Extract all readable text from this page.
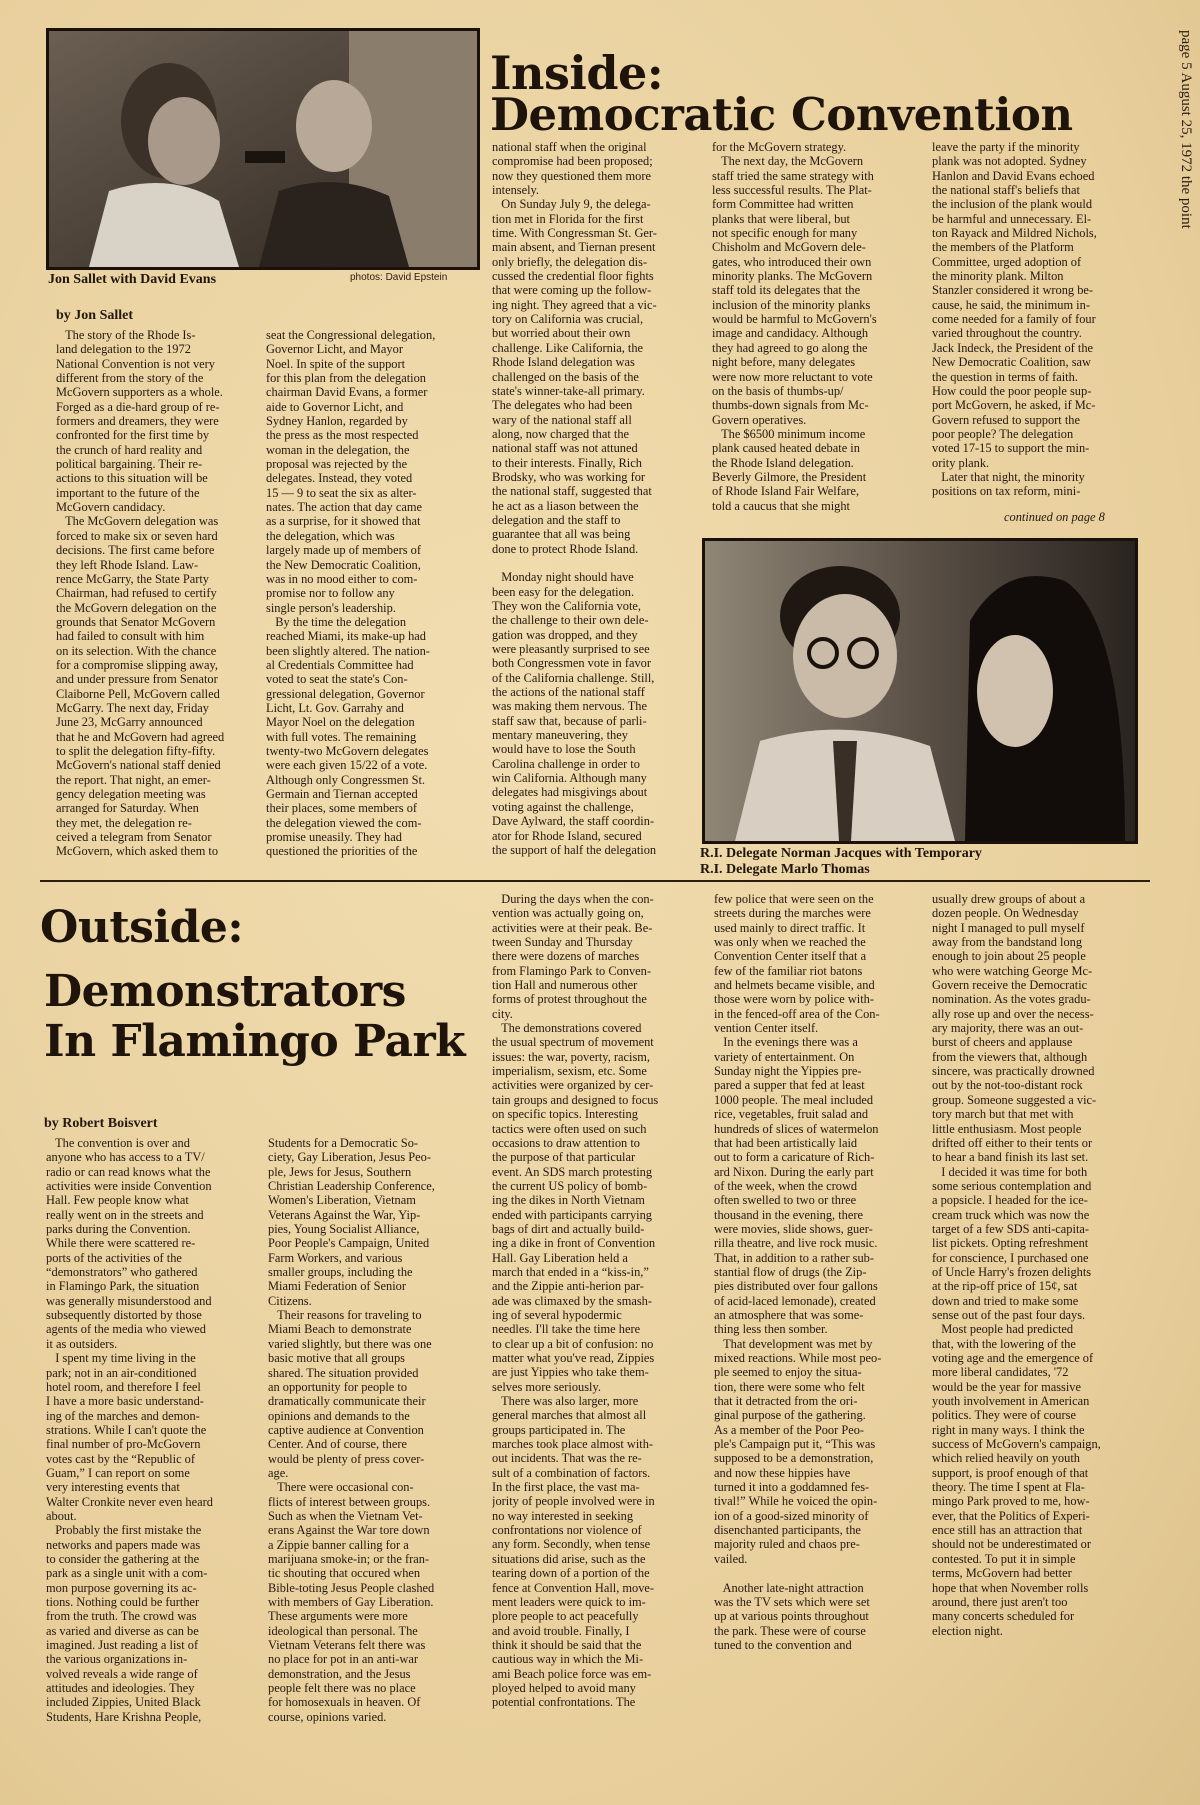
page 5 August 25, 1972 the point
Jon Sallet with David Evans	photos: David Epstein
Inside:
Democratic Convention
by Jon Sallet

The story of the Rhode Is-

land delegation to the 1972

National Convention is not very

different from the story of the

McGovern supporters as a whole.

Forged as a die-hard group of re-

formers and dreamers, they were

confronted for the first time by

the crunch of hard reality and

political bargaining. Their re-

actions to this situation will be

important to the future of the

McGovern candidacy.

The McGovern delegation was

forced to make six or seven hard

decisions. The first came before

they left Rhode Island. Law-

rence McGarry, the State Party

Chairman, had refused to certify

the McGovern delegation on the

grounds that Senator McGovern

had failed to consult with him

on its selection. With the chance

for a compromise slipping away,

and under pressure from Senator

Claiborne Pell, McGovern called

McGarry. The next day, Friday

June 23, McGarry announced

that he and McGovern had agreed

to split the delegation fifty-fifty.

McGovern's national staff denied

the report. That night, an emer-

gency delegation meeting was

arranged for Saturday. When

they met, the delegation re-

ceived a telegram from Senator

McGovern, which asked them to

seat the Congressional delegation,

Governor Licht, and Mayor

Noel. In spite of the support

for this plan from the delegation

chairman David Evans, a former

aide to Governor Licht, and

Sydney Hanlon, regarded by

the press as the most respected

woman in the delegation, the

proposal was rejected by the

delegates. Instead, they voted

15 — 9 to seat the six as alter-

nates. The action that day came

as a surprise, for it showed that

the delegation, which was

largely made up of members of

the New Democratic Coalition,

was in no mood either to com-

promise nor to follow any

single person's leadership.

By the time the delegation

reached Miami, its make-up had

been slightly altered. The nation-

al Credentials Committee had

voted to seat the state's Con-

gressional delegation, Governor

Licht, Lt. Gov. Garrahy and

Mayor Noel on the delegation

with full votes. The remaining

twenty-two McGovern delegates

were each given 15/22 of a vote.

Although only Congressmen St.

Germain and Tiernan accepted

their places, some members of

the delegation viewed the com-

promise uneasily. They had

questioned the priorities of the

national staff when the original

compromise had been proposed;

now they questioned them more

intensely.

On Sunday July 9, the delega-

tion met in Florida for the first

time. With Congressman St. Ger-

main absent, and Tiernan present

only briefly, the delegation dis-

cussed the credential floor fights

that were coming up the follow-

ing night. They agreed that a vic-

tory on California was crucial,

but worried about their own

challenge. Like California, the

Rhode Island delegation was

challenged on the basis of the

state's winner-take-all primary.

The delegates who had been

wary of the national staff all

along, now charged that the

national staff was not attuned

to their interests. Finally, Rich

Brodsky, who was working for

the national staff, suggested that

he act as a liason between the

delegation and the staff to

guarantee that all was being

done to protect Rhode Island.

Monday night should have

been easy for the delegation.

They won the California vote,

the challenge to their own dele-

gation was dropped, and they

were pleasantly surprised to see

both Congressmen vote in favor

of the California challenge. Still,

the actions of the national staff

was making them nervous. The

staff saw that, because of parli-

mentary maneuvering, they

would have to lose the South

Carolina challenge in order to

win California. Although many

delegates had misgivings about

voting against the challenge,

Dave Aylward, the staff coordin-

ator for Rhode Island, secured

the support of half the delegation

for the McGovern strategy.

The next day, the McGovern

staff tried the same strategy with

less successful results. The Plat-

form Committee had written

planks that were liberal, but

not specific enough for many

Chisholm and McGovern dele-

gates, who introduced their own

minority planks. The McGovern

staff told its delegates that the

inclusion of the minority planks

would be harmful to McGovern's

image and candidacy. Although

they had agreed to go along the

night before, many delegates

were now more reluctant to vote

on the basis of thumbs-up/

thumbs-down signals from Mc-

Govern operatives.

The $6500 minimum income

plank caused heated debate in

the Rhode Island delegation.

Beverly Gilmore, the President

of Rhode Island Fair Welfare,

told a caucus that she might

leave the party if the minority

plank was not adopted. Sydney

Hanlon and David Evans echoed

the national staff's beliefs that

the inclusion of the plank would

be harmful and unnecessary. El-

ton Rayack and Mildred Nichols,

the members of the Platform

Committee, urged adoption of

the minority plank. Milton

Stanzler considered it wrong be-

cause, he said, the minimum in-

come needed for a family of four

varied throughout the country.

Jack Indeck, the President of the

New Democratic Coalition, saw

the question in terms of faith.

How could the poor people sup-

port McGovern, he asked, if Mc-

Govern refused to support the

poor people? The delegation

voted 17-15 to support the min-

ority plank.

Later that night, the minority

positions on tax reform, mini-

continued on page 8
R.I. Delegate Norman Jacques with Temporary
R.I. Delegate Marlo Thomas
Outside:
Demonstrators
In Flamingo Park
by Robert Boisvert

The convention is over and

anyone who has access to a TV/

radio or can read knows what the

activities were inside Convention

Hall. Few people know what

really went on in the streets and

parks during the Convention.

While there were scattered re-

ports of the activities of the

“demonstrators” who gathered

in Flamingo Park, the situation

was generally misunderstood and

subsequently distorted by those

agents of the media who viewed

it as outsiders.

I spent my time living in the

park; not in an air-conditioned

hotel room, and therefore I feel

I have a more basic understand-

ing of the marches and demon-

strations. While I can't quote the

final number of pro-McGovern

votes cast by the “Republic of

Guam,” I can report on some

very interesting events that

Walter Cronkite never even heard

about.

Probably the first mistake the

networks and papers made was

to consider the gathering at the

park as a single unit with a com-

mon purpose governing its ac-

tions. Nothing could be further

from the truth. The crowd was

as varied and diverse as can be

imagined. Just reading a list of

the various organizations in-

volved reveals a wide range of

attitudes and ideologies. They

included Zippies, United Black

Students, Hare Krishna People,

Students for a Democratic So-

ciety, Gay Liberation, Jesus Peo-

ple, Jews for Jesus, Southern

Christian Leadership Conference,

Women's Liberation, Vietnam

Veterans Against the War, Yip-

pies, Young Socialist Alliance,

Poor People's Campaign, United

Farm Workers, and various

smaller groups, including the

Miami Federation of Senior

Citizens.

Their reasons for traveling to

Miami Beach to demonstrate

varied slightly, but there was one

basic motive that all groups

shared. The situation provided

an opportunity for people to

dramatically communicate their

opinions and demands to the

captive audience at Convention

Center. And of course, there

would be plenty of press cover-

age.

There were occasional con-

flicts of interest between groups.

Such as when the Vietnam Vet-

erans Against the War tore down

a Zippie banner calling for a

marijuana smoke-in; or the fran-

tic shouting that occured when

Bible-toting Jesus People clashed

with members of Gay Liberation.

These arguments were more

ideological than personal. The

Vietnam Veterans felt there was

no place for pot in an anti-war

demonstration, and the Jesus

people felt there was no place

for homosexuals in heaven. Of

course, opinions varied.

During the days when the con-

vention was actually going on,

activities were at their peak. Be-

tween Sunday and Thursday

there were dozens of marches

from Flamingo Park to Conven-

tion Hall and numerous other

forms of protest throughout the

city.

The demonstrations covered

the usual spectrum of movement

issues: the war, poverty, racism,

imperialism, sexism, etc. Some

activities were organized by cer-

tain groups and designed to focus

on specific topics. Interesting

tactics were often used on such

occasions to draw attention to

the purpose of that particular

event. An SDS march protesting

the current US policy of bomb-

ing the dikes in North Vietnam

ended with participants carrying

bags of dirt and actually build-

ing a dike in front of Convention

Hall. Gay Liberation held a

march that ended in a “kiss-in,”

and the Zippie anti-herion par-

ade was climaxed by the smash-

ing of several hypodermic

needles. I'll take the time here

to clear up a bit of confusion: no

matter what you've read, Zippies

are just Yippies who take them-

selves more seriously.

There was also larger, more

general marches that almost all

groups participated in. The

marches took place almost with-

out incidents. That was the re-

sult of a combination of factors.

In the first place, the vast ma-

jority of people involved were in

no way interested in seeking

confrontations nor violence of

any form. Secondly, when tense

situations did arise, such as the

tearing down of a portion of the

fence at Convention Hall, move-

ment leaders were quick to im-

plore people to act peacefully

and avoid trouble. Finally, I

think it should be said that the

cautious way in which the Mi-

ami Beach police force was em-

ployed helped to avoid many

potential confrontations. The

few police that were seen on the

streets during the marches were

used mainly to direct traffic. It

was only when we reached the

Convention Center itself that a

few of the familiar riot batons

and helmets became visible, and

those were worn by police with-

in the fenced-off area of the Con-

vention Center itself.

In the evenings there was a

variety of entertainment. On

Sunday night the Yippies pre-

pared a supper that fed at least

1000 people. The meal included

rice, vegetables, fruit salad and

hundreds of slices of watermelon

that had been artistically laid

out to form a caricature of Rich-

ard Nixon. During the early part

of the week, when the crowd

often swelled to two or three

thousand in the evening, there

were movies, slide shows, guer-

rilla theatre, and live rock music.

That, in addition to a rather sub-

stantial flow of drugs (the Zip-

pies distributed over four gallons

of acid-laced lemonade), created

an atmosphere that was some-

thing less then somber.

That development was met by

mixed reactions. While most peo-

ple seemed to enjoy the situa-

tion, there were some who felt

that it detracted from the ori-

ginal purpose of the gathering.

As a member of the Poor Peo-

ple's Campaign put it, “This was

supposed to be a demonstration,

and now these hippies have

turned it into a goddamned fes-

tival!” While he voiced the opin-

ion of a good-sized minority of

disenchanted participants, the

majority ruled and chaos pre-

vailed.

Another late-night attraction

was the TV sets which were set

up at various points throughout

the park. These were of course

tuned to the convention and

usually drew groups of about a

dozen people. On Wednesday

night I managed to pull myself

away from the bandstand long

enough to join about 25 people

who were watching George Mc-

Govern receive the Democratic

nomination. As the votes gradu-

ally rose up and over the necess-

ary majority, there was an out-

burst of cheers and applause

from the viewers that, although

sincere, was practically drowned

out by the not-too-distant rock

group. Someone suggested a vic-

tory march but that met with

little enthusiasm. Most people

drifted off either to their tents or

to hear a band finish its last set.

I decided it was time for both

some serious contemplation and

a popsicle. I headed for the ice-

cream truck which was now the

target of a few SDS anti-capita-

list pickets. Opting refreshment

for conscience, I purchased one

of Uncle Harry's frozen delights

at the rip-off price of 15¢, sat

down and tried to make some

sense out of the past four days.

Most people had predicted

that, with the lowering of the

voting age and the emergence of

more liberal candidates, '72

would be the year for massive

youth involvement in American

politics. They were of course

right in many ways. I think the

success of McGovern's campaign,

which relied heavily on youth

support, is proof enough of that

theory. The time I spent at Fla-

mingo Park proved to me, how-

ever, that the Politics of Experi-

ence still has an attraction that

should not be underestimated or

contested. To put it in simple

terms, McGovern had better

hope that when November rolls

around, there just aren't too

many concerts scheduled for

election night.
